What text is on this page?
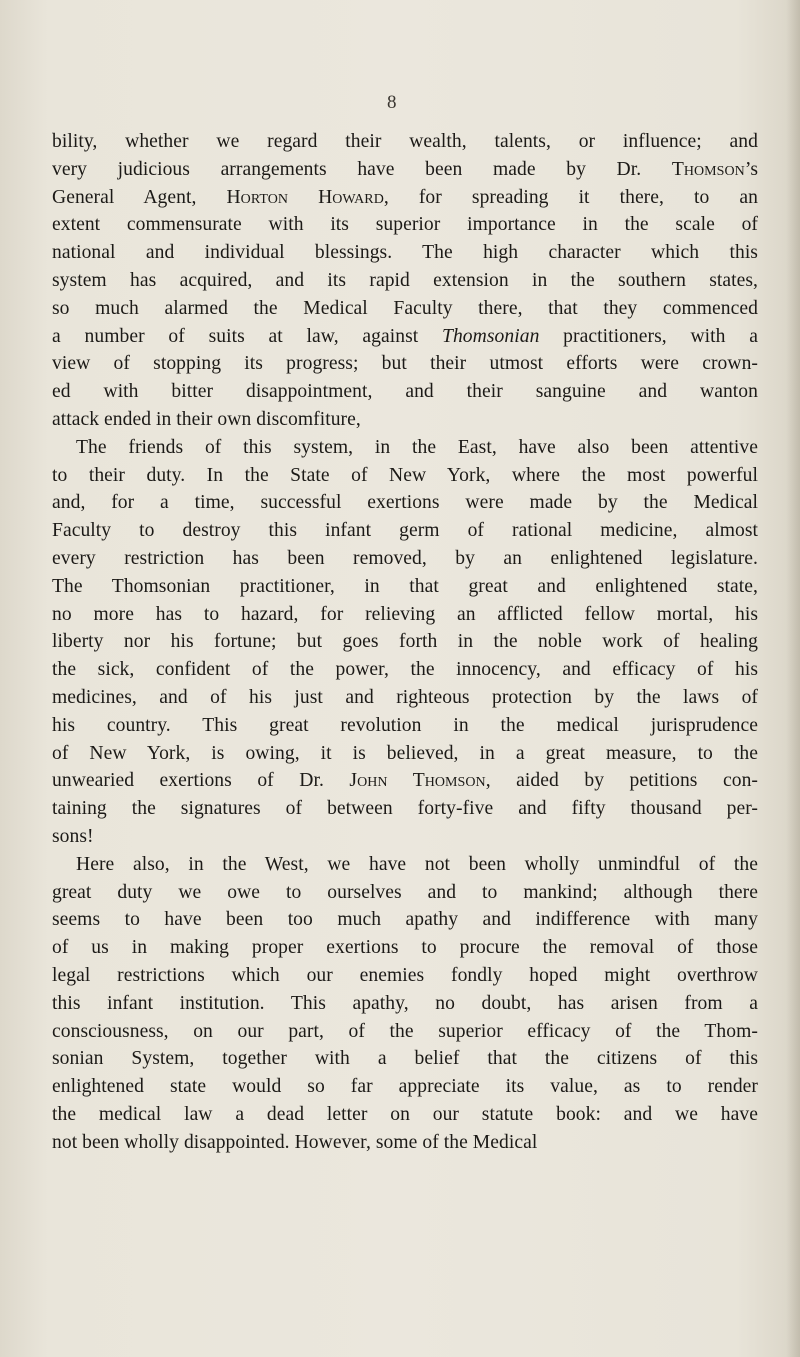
8
bility, whether we regard their wealth, talents, or influence; and
very judicious arrangements have been made by Dr. Thomson’s
General Agent, Horton Howard, for spreading it there, to an
extent commensurate with its superior importance in the scale of
national and individual blessings. The high character which this
system has acquired, and its rapid extension in the southern states,
so much alarmed the Medical Faculty there, that they commenced
a number of suits at law, against Thomsonian practitioners, with a
view of stopping its progress; but their utmost efforts were crown-
ed with bitter disappointment, and their sanguine and wanton
attack ended in their own discomfiture,
The friends of this system, in the East, have also been attentive
to their duty. In the State of New York, where the most powerful
and, for a time, successful exertions were made by the Medical
Faculty to destroy this infant germ of rational medicine, almost
every restriction has been removed, by an enlightened legislature.
The Thomsonian practitioner, in that great and enlightened state,
no more has to hazard, for relieving an afflicted fellow mortal, his
liberty nor his fortune; but goes forth in the noble work of healing
the sick, confident of the power, the innocency, and efficacy of his
medicines, and of his just and righteous protection by the laws of
his country. This great revolution in the medical jurisprudence
of New York, is owing, it is believed, in a great measure, to the
unwearied exertions of Dr. John Thomson, aided by petitions con-
taining the signatures of between forty-five and fifty thousand per-
sons!
Here also, in the West, we have not been wholly unmindful of the
great duty we owe to ourselves and to mankind; although there
seems to have been too much apathy and indifference with many
of us in making proper exertions to procure the removal of those
legal restrictions which our enemies fondly hoped might overthrow
this infant institution. This apathy, no doubt, has arisen from a
consciousness, on our part, of the superior efficacy of the Thom-
sonian System, together with a belief that the citizens of this
enlightened state would so far appreciate its value, as to render
the medical law a dead letter on our statute book: and we have
not been wholly disappointed. However, some of the Medical
